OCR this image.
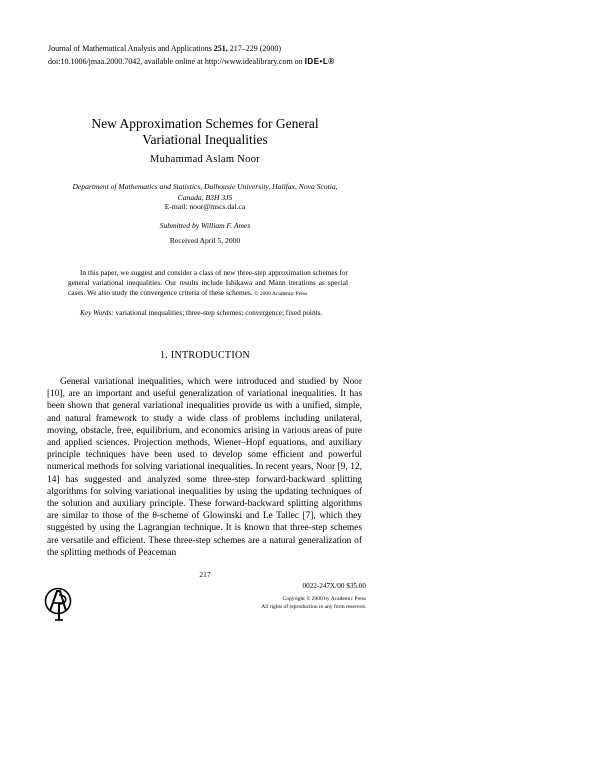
Journal of Mathematical Analysis and Applications 251, 217–229 (2000)
doi:10.1006/jmaa.2000.7042, available online at http://www.idealibrary.com on IDE•L®
New Approximation Schemes for General
Variational Inequalities
Muhammad Aslam Noor
Department of Mathematics and Statistics, Dalhousie University, Halifax, Nova Scotia,
Canada, B3H 3J5
E-mail: noor@mscs.dal.ca
Submitted by William F. Ames
Received April 5, 2000
In this paper, we suggest and consider a class of new three-step approximation schemes for general variational inequalities. Our results include Ishikawa and Mann iterations as special cases. We also study the convergence criteria of these schemes. © 2000 Academic Press
Key Words: variational inequalities; three-step schemes; convergence; fixed points.
1. INTRODUCTION
General variational inequalities, which were introduced and studied by Noor [10], are an important and useful generalization of variational inequalities. It has been shown that general variational inequalities provide us with a unified, simple, and natural framework to study a wide class of problems including unilateral, moving, obstacle, free, equilibrium, and economics arising in various areas of pure and applied sciences. Projection methods, Wiener–Hopf equations, and auxiliary principle techniques have been used to develop some efficient and powerful numerical methods for solving variational inequalities. In recent years, Noor [9, 12, 14] has suggested and analyzed some three-step forward-backward splitting algorithms for solving variational inequalities by using the updating techniques of the solution and auxiliary principle. These forward-backward splitting algorithms are similar to those of the θ-scheme of Glowinski and Le Tallec [7], which they suggested by using the Lagrangian technique. It is known that three-step schemes are versatile and efficient. These three-step schemes are a natural generalization of the splitting methods of Peaceman
217
0022-247X/00 $35.00
Copyright © 2000 by Academic Press
All rights of reproduction in any form reserved.
